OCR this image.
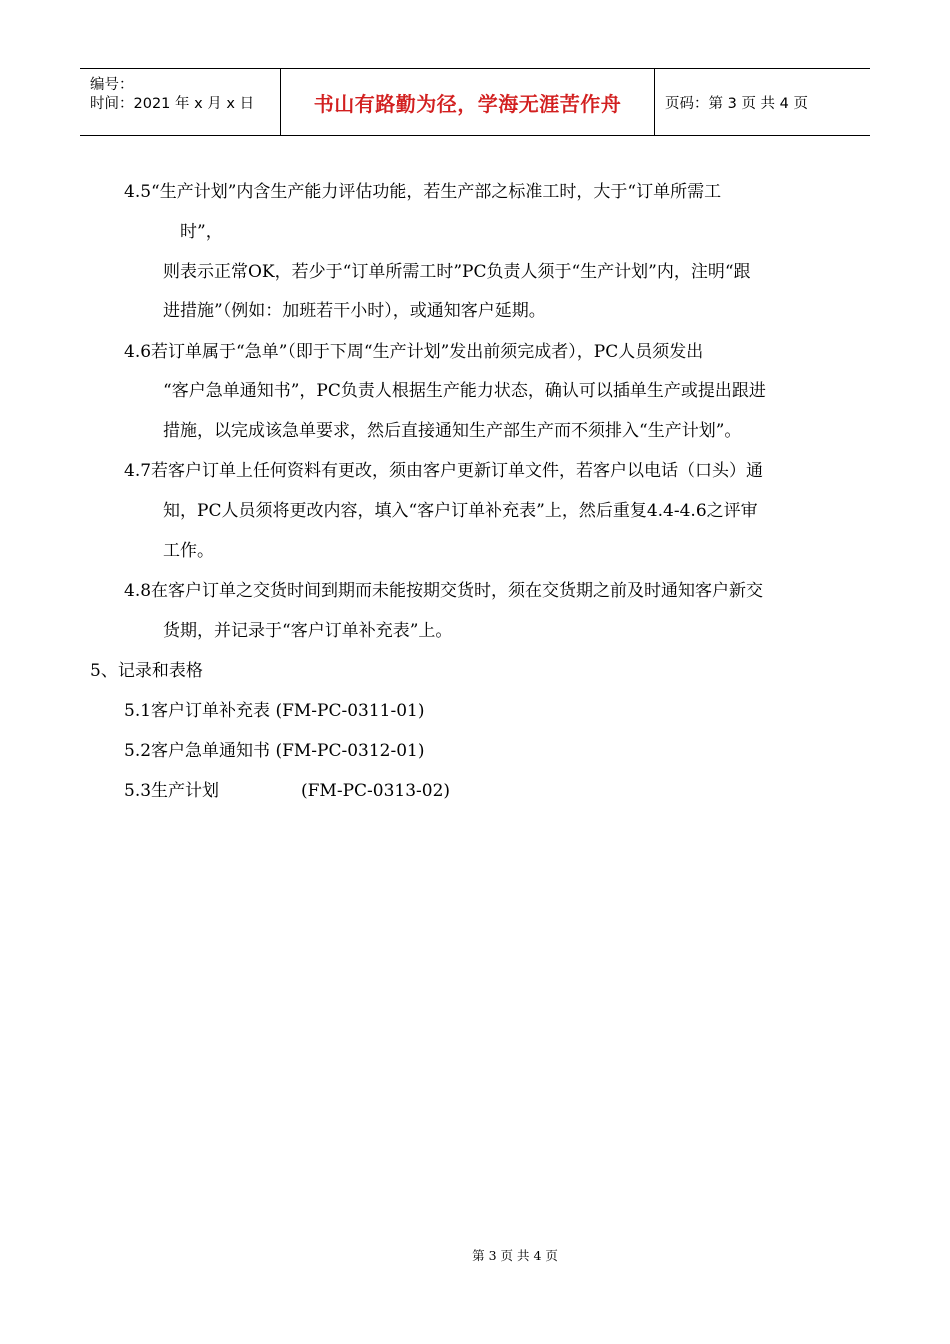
编号：
时间：2021 年 x 月 x 日	书山有路勤为径，学海无涯苦作舟	页码：第 3 页 共 4 页
4.5“生产计划”内含生产能力评估功能，若生产部之标准工时，大于“订单所需工
时”，
则表示正常OK，若少于“订单所需工时”PC负责人须于“生产计划”内，注明“跟
进措施”（例如：加班若干小时），或通知客户延期。
4.6若订单属于“急单”（即于下周“生产计划”发出前须完成者），PC人员须发出
“客户急单通知书”，PC负责人根据生产能力状态，确认可以插单生产或提出跟进
措施，以完成该急单要求，然后直接通知生产部生产而不须排入“生产计划”。
4.7若客户订单上任何资料有更改，须由客户更新订单文件，若客户以电话（口头）通
知，PC人员须将更改内容，填入“客户订单补充表”上，然后重复4.4-4.6之评审
工作。
4.8在客户订单之交货时间到期而未能按期交货时，须在交货期之前及时通知客户新交
货期，并记录于“客户订单补充表”上。
5、记录和表格
5.1客户订单补充表 (FM-PC-0311-01)
5.2客户急单通知书 (FM-PC-0312-01)
5.3生产计划	(FM-PC-0313-02)
第 3 页 共 4 页
